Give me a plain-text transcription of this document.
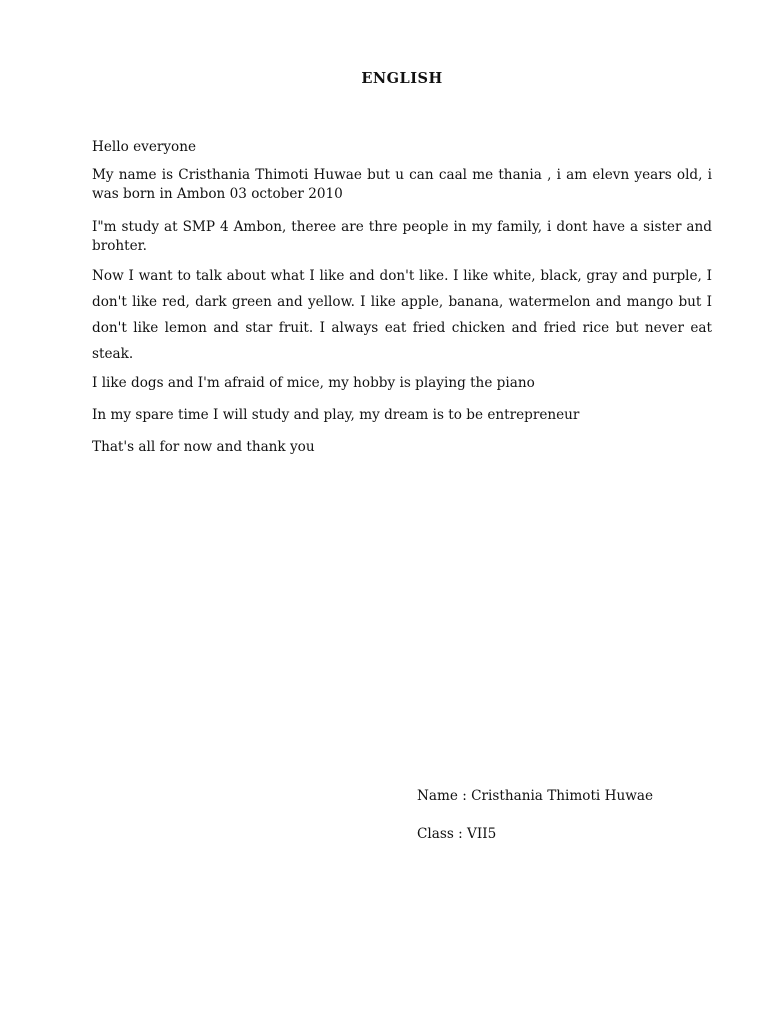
ENGLISH

Hello everyone

My name is Cristhania Thimoti Huwae but u can caal me thania , i am elevn years old, i was born in Ambon 03 october 2010

I"m study at SMP 4 Ambon, theree are thre people in my family, i dont have a sister and brohter.

Now I want to talk about what I like and don't like. I like white, black, gray and purple, I don't like red, dark green and yellow. I like apple, banana, watermelon and mango but I don't like lemon and star fruit. I always eat fried chicken and fried rice but never eat steak.

I like dogs and I'm afraid of mice, my hobby is playing the piano

In my spare time I will study and play, my dream is to be entrepreneur

That's all for now and thank you

Name : Cristhania Thimoti Huwae

Class : VII5
